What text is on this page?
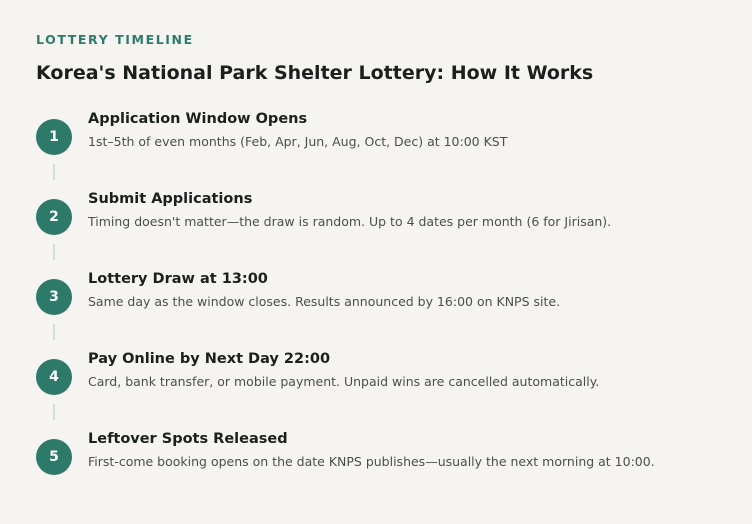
LOTTERY TIMELINE
Korea's National Park Shelter Lottery: How It Works
1
Application Window Opens
1st–5th of even months (Feb, Apr, Jun, Aug, Oct, Dec) at 10:00 KST
2
Submit Applications
Timing doesn't matter—the draw is random. Up to 4 dates per month (6 for Jirisan).
3
Lottery Draw at 13:00
Same day as the window closes. Results announced by 16:00 on KNPS site.
4
Pay Online by Next Day 22:00
Card, bank transfer, or mobile payment. Unpaid wins are cancelled automatically.
5
Leftover Spots Released
First-come booking opens on the date KNPS publishes—usually the next morning at 10:00.
